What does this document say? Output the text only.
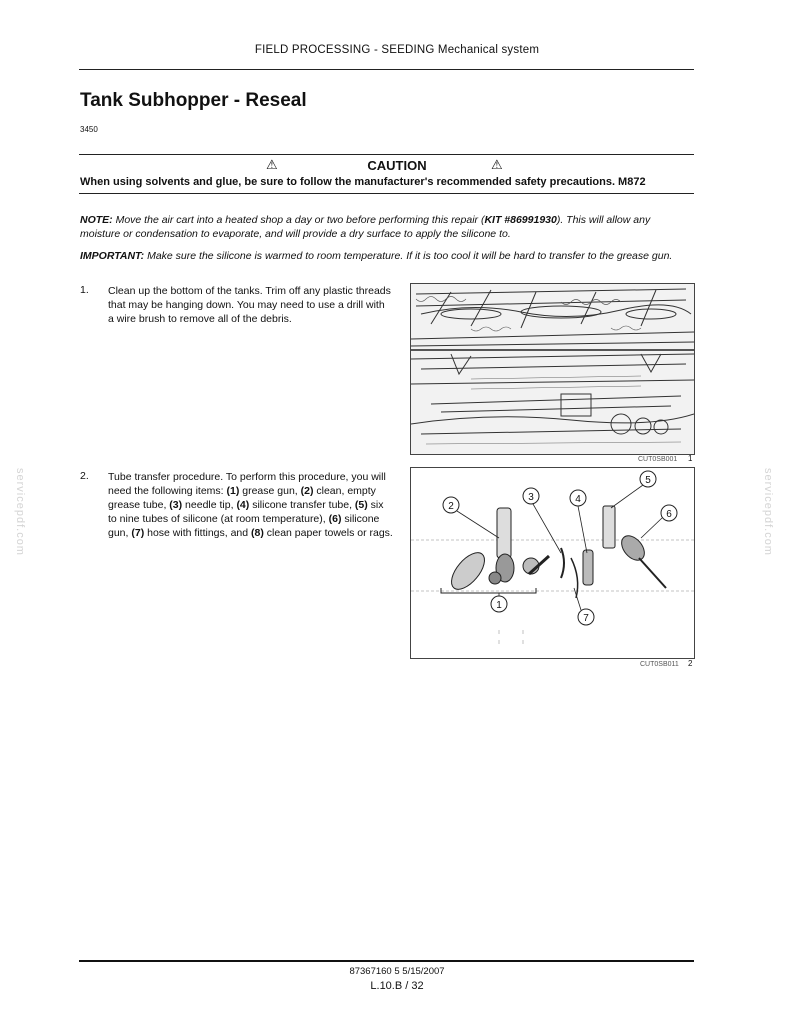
FIELD PROCESSING - SEEDING Mechanical system
Tank Subhopper - Reseal
3450
⚠	⚠
CAUTION
When using solvents and glue, be sure to follow the manufacturer's recommended safety precautions. M872
NOTE: Move the air cart into a heated shop a day or two before performing this repair (KIT #86991930). This will allow any moisture or condensation to evaporate, and will provide a dry surface to apply the silicone to.
IMPORTANT: Make sure the silicone is warmed to room temperature. If it is too cool it will be hard to transfer to the grease gun.
1. Clean up the bottom of the tanks. Trim off any plastic threads that may be hanging down. You may need to use a drill with a wire brush to remove all of the debris.
CUT0SB001 1
2. Tube transfer procedure. To perform this procedure, you will need the following items: (1) grease gun, (2) clean, empty grease tube, (3) needle tip, (4) silicone transfer tube, (5) six to nine tubes of silicone (at room temperature), (6) silicone gun, (7) hose with fittings, and (8) clean paper towels or rags.
2
3	4
5
6
1
7
CUT0SB011 2
servicepdf.com	servicepdf.com
87367160 5 5/15/2007
L.10.B / 32
